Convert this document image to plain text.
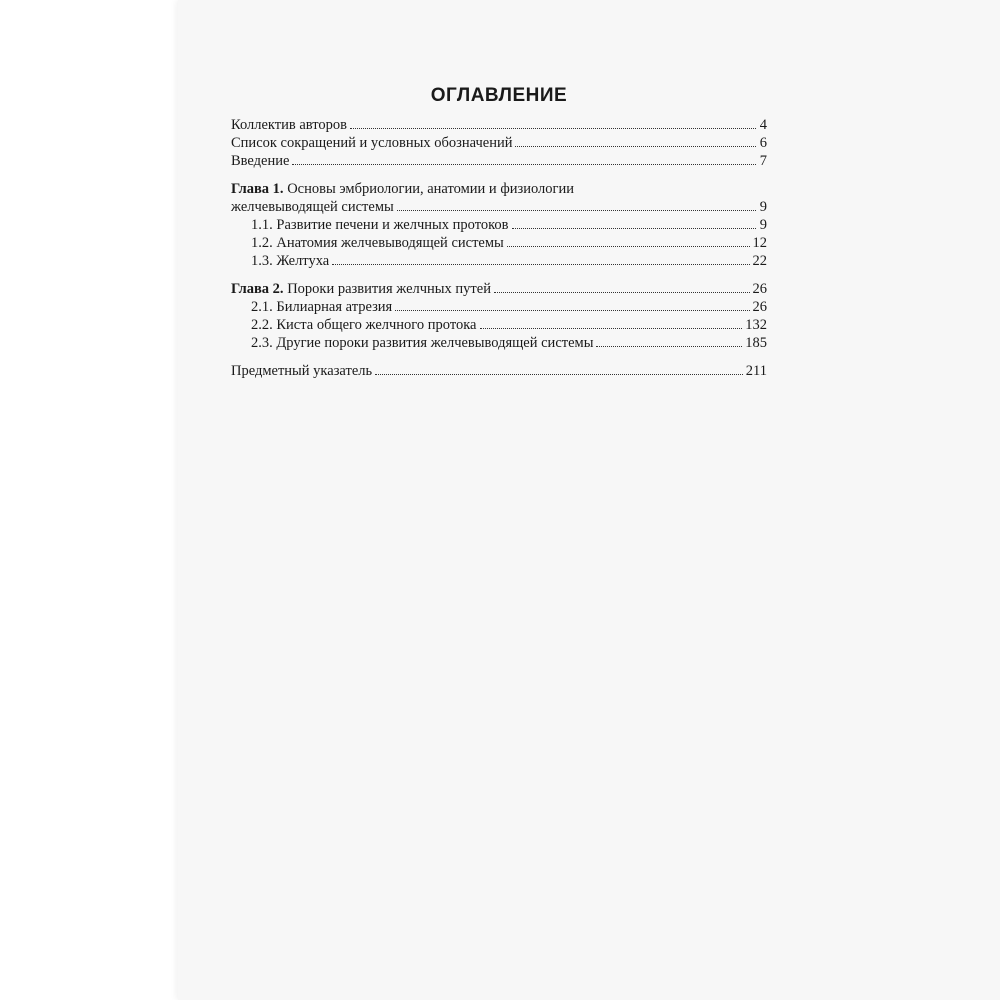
ОГЛАВЛЕНИЕ
Коллектив авторов	4
Список сокращений и условных обозначений	6
Введение	7
Глава 1. Основы эмбриологии, анатомии и физиологии
желчевыводящей системы	9
1.1. Развитие печени и желчных протоков	9
1.2. Анатомия желчевыводящей системы	12
1.3. Желтуха	22
Глава 2. Пороки развития желчных путей	26
2.1. Билиарная атрезия	26
2.2. Киста общего желчного протока	132
2.3. Другие пороки развития желчевыводящей системы	185
Предметный указатель	211
